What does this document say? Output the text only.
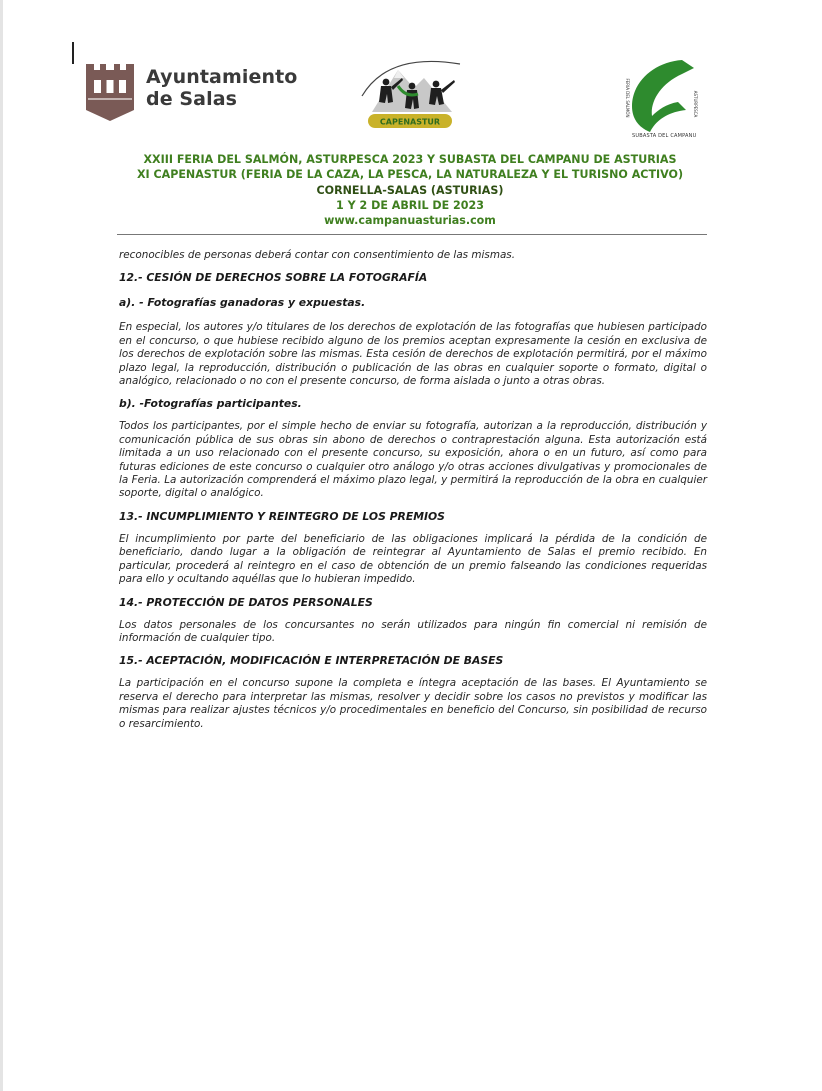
Ayuntamiento
de Salas
CAPENASTUR
FERIA DEL SALMÓN	ASTURPESCA
SUBASTA DEL CAMPANU
XXIII FERIA DEL SALMÓN, ASTURPESCA 2023 Y SUBASTA DEL CAMPANU DE ASTURIAS
XI CAPENASTUR (FERIA DE LA CAZA, LA PESCA, LA NATURALEZA Y EL TURISNO ACTIVO)
CORNELLA-SALAS (ASTURIAS)
1 Y 2 DE ABRIL DE 2023
www.campanuasturias.com

reconocibles de personas deberá contar con consentimiento de las mismas.

12.- CESIÓN DE DERECHOS SOBRE LA FOTOGRAFÍA

a). - Fotografías ganadoras y expuestas.

En especial, los autores y/o titulares de los derechos de explotación de las fotografías que hubiesen participado en el concurso, o que hubiese recibido alguno de los premios aceptan expresamente la cesión en exclusiva de los derechos de explotación sobre las mismas. Esta cesión de derechos de explotación permitirá, por el máximo plazo legal, la reproducción, distribución o publicación de las obras en cualquier soporte o formato, digital o analógico, relacionado o no con el presente concurso, de forma aislada o junto a otras obras.

b). -Fotografías participantes.

Todos los participantes, por el simple hecho de enviar su fotografía, autorizan a la reproducción, distribución y comunicación pública de sus obras sin abono de derechos o contraprestación alguna. Esta autorización está limitada a un uso relacionado con el presente concurso, su exposición, ahora o en un futuro, así como para futuras ediciones de este concurso o cualquier otro análogo y/o otras acciones divulgativas y promocionales de la Feria. La autorización comprenderá el máximo plazo legal, y permitirá la reproducción de la obra en cualquier soporte, digital o analógico.

13.- INCUMPLIMIENTO Y REINTEGRO DE LOS PREMIOS

El incumplimiento por parte del beneficiario de las obligaciones implicará la pérdida de la condición de beneficiario, dando lugar a la obligación de reintegrar al Ayuntamiento de Salas el premio recibido. En particular, procederá al reintegro en el caso de obtención de un premio falseando las condiciones requeridas para ello y ocultando aquéllas que lo hubieran impedido.

14.- PROTECCIÓN DE DATOS PERSONALES

Los datos personales de los concursantes no serán utilizados para ningún fin comercial ni remisión de información de cualquier tipo.

15.- ACEPTACIÓN, MODIFICACIÓN E INTERPRETACIÓN DE BASES

La participación en el concurso supone la completa e íntegra aceptación de las bases. El Ayuntamiento se reserva el derecho para interpretar las mismas, resolver y decidir sobre los casos no previstos y modificar las mismas para realizar ajustes técnicos y/o procedimentales en beneficio del Concurso, sin posibilidad de recurso o resarcimiento.
